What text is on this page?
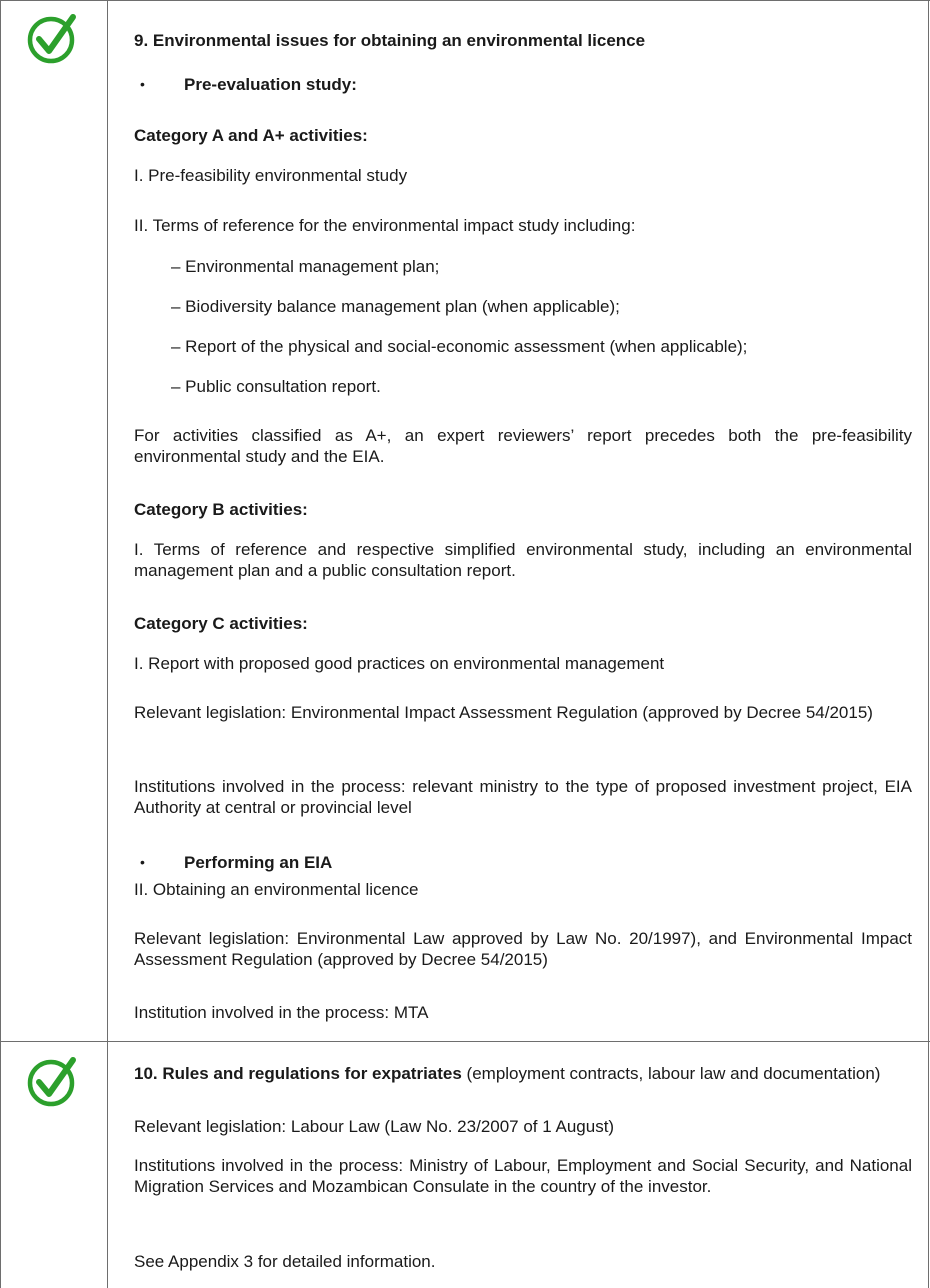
9. Environmental issues for obtaining an environmental licence
• Pre-evaluation study:
Category A and A+ activities:
I. Pre-feasibility environmental study
II. Terms of reference for the environmental impact study including:
– Environmental management plan;
– Biodiversity balance management plan (when applicable);
– Report of the physical and social-economic assessment (when applicable);
– Public consultation report.
For activities classified as A+, an expert reviewers’ report precedes both the pre-feasibility environmental study and the EIA.
Category B activities:
I. Terms of reference and respective simplified environmental study, including an environmental management plan and a public consultation report.
Category C activities:
I. Report with proposed good practices on environmental management
Relevant legislation: Environmental Impact Assessment Regulation (approved by Decree 54/2015)
Institutions involved in the process: relevant ministry to the type of proposed investment project, EIA Authority at central or provincial level
• Performing an EIA
II. Obtaining an environmental licence
Relevant legislation: Environmental Law approved by Law No. 20/1997), and Environmental Impact Assessment Regulation (approved by Decree 54/2015)
Institution involved in the process: MTA
10. Rules and regulations for expatriates (employment contracts, labour law and documentation)
Relevant legislation: Labour Law (Law No. 23/2007 of 1 August)
Institutions involved in the process: Ministry of Labour, Employment and Social Security, and National Migration Services and Mozambican Consulate in the country of the investor.
See Appendix 3 for detailed information.
